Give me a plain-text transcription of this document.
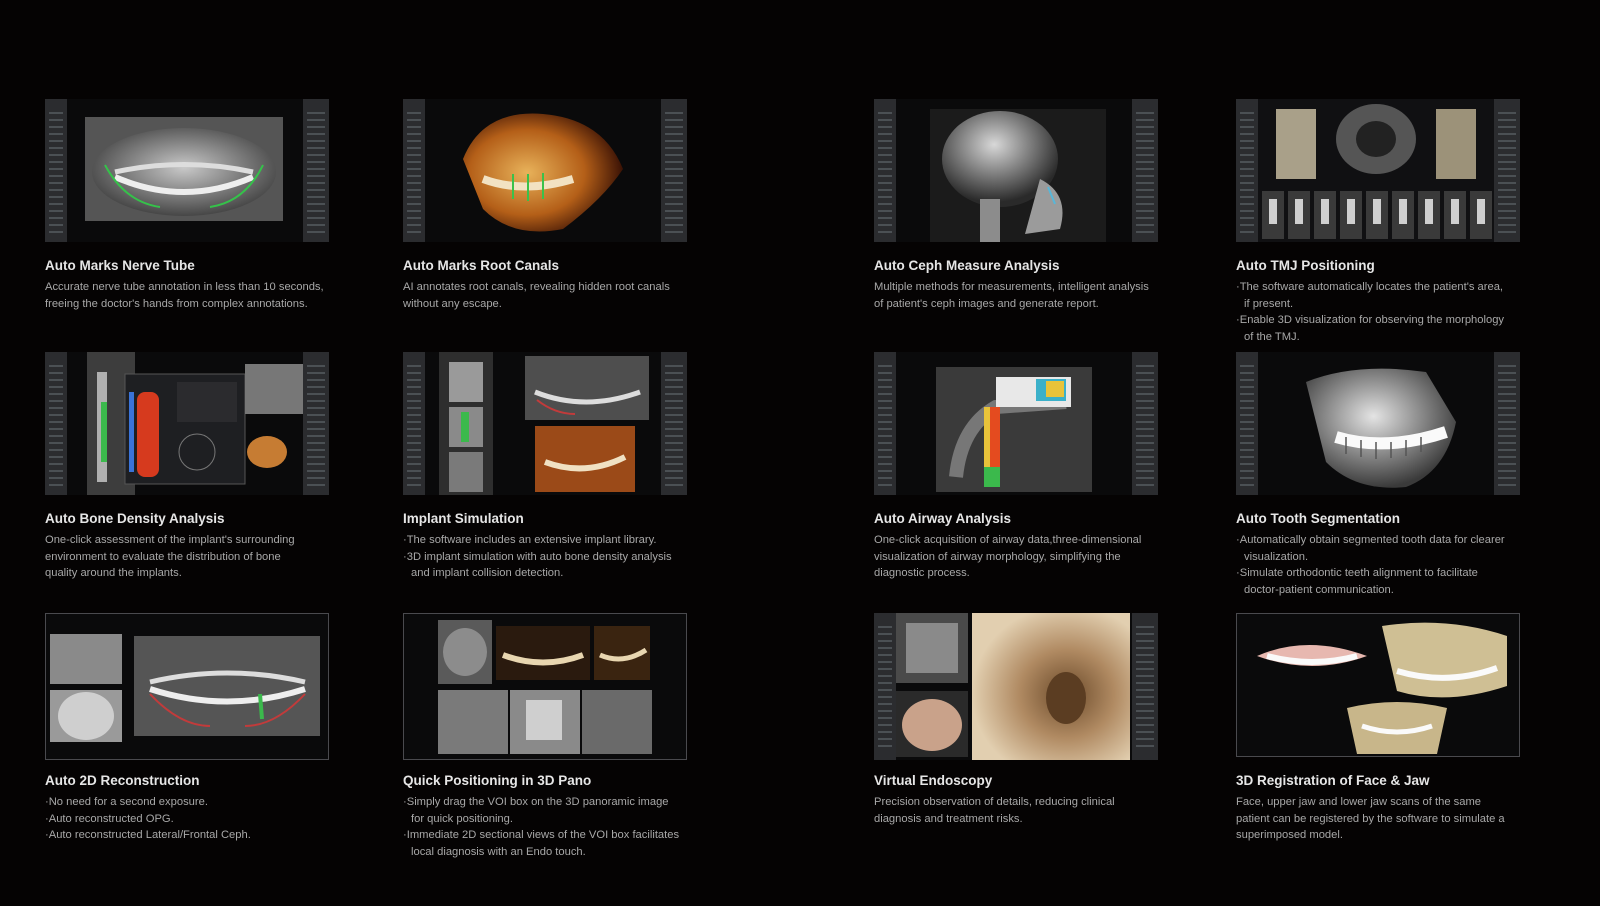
Auto Marks Nerve Tube
Accurate nerve tube annotation in less than 10 seconds,
freeing the doctor's hands from complex annotations.
Auto Marks Root Canals
AI annotates root canals, revealing hidden root canals
without any escape.
Auto Ceph Measure Analysis
Multiple methods for measurements, intelligent analysis
of patient's ceph images and generate report.
Auto TMJ Positioning
·The software automatically locates the patient's area,
if present.
·Enable 3D visualization for observing the morphology
of the TMJ.
Auto Bone Density Analysis
One-click assessment of the implant's surrounding
environment to evaluate the distribution of bone
quality around the implants.
Implant Simulation
·The software includes an extensive implant library.
·3D implant simulation with auto bone density analysis
and implant collision detection.
Auto Airway Analysis
One-click acquisition of airway data,three-dimensional
visualization of airway morphology, simplifying the
diagnostic process.
Auto Tooth Segmentation
·Automatically obtain segmented tooth data for clearer
visualization.
·Simulate orthodontic teeth alignment to facilitate
doctor-patient communication.
Auto 2D Reconstruction
·No need for a second exposure.
·Auto reconstructed OPG.
·Auto reconstructed Lateral/Frontal Ceph.
Quick Positioning in 3D Pano
·Simply drag the VOI box on the 3D panoramic image
for quick positioning.
·Immediate 2D sectional views of the VOI box facilitates
local diagnosis with an Endo touch.
Virtual Endoscopy
Precision observation of details, reducing clinical
diagnosis and treatment risks.
3D Registration of Face & Jaw
Face, upper jaw and lower jaw scans of the same
patient can be registered by the software to simulate a
superimposed model.
